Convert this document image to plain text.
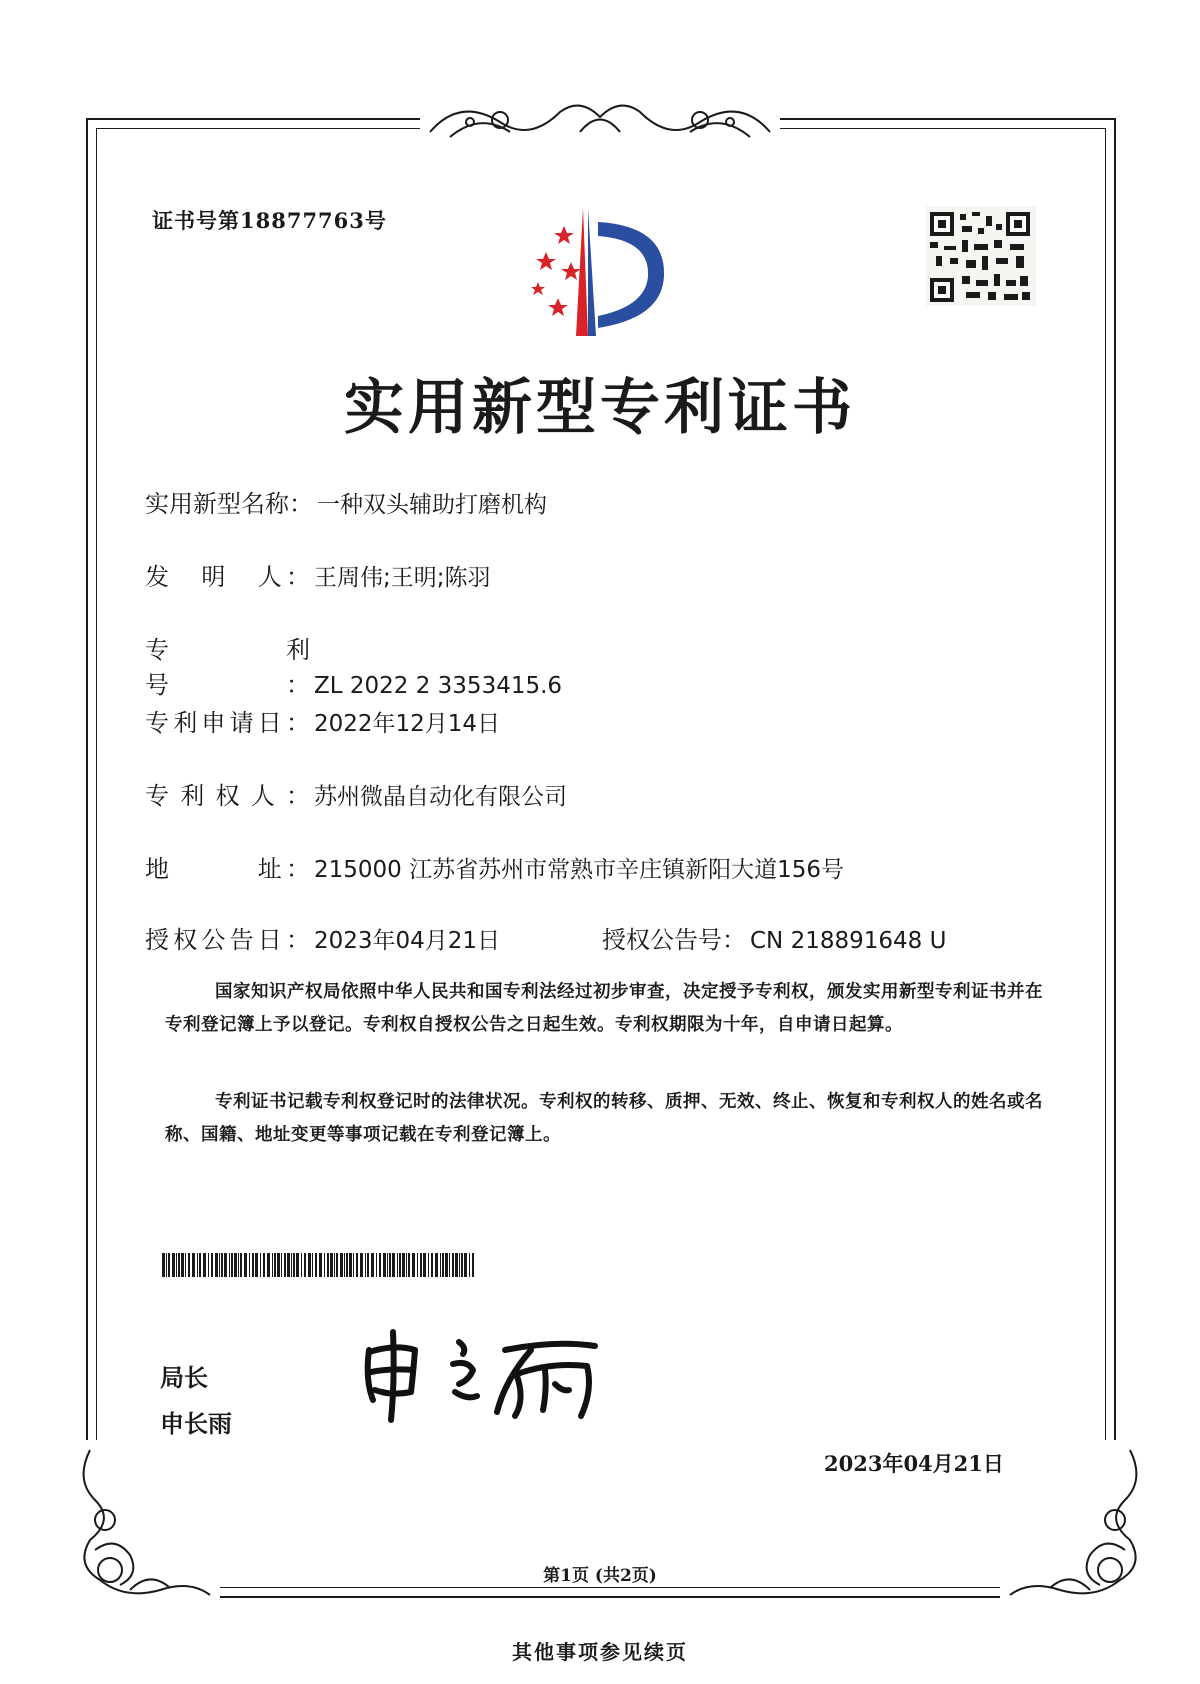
证书号第18877763号
实用新型专利证书
实用新型名称： 一种双头辅助打磨机构
发　明　人： 王周伟;王明;陈羽
专　　利　号： ZL 2022 2 3353415.6
专利申请日： 2022年12月14日
专利权人： 苏州微晶自动化有限公司
地　　　址： 215000 江苏省苏州市常熟市辛庄镇新阳大道156号
授权公告日： 2023年04月21日	授权公告号： CN 218891648 U
国家知识产权局依照中华人民共和国专利法经过初步审查，决定授予专利权，颁发实用新型专利证书并在专利登记簿上予以登记。专利权自授权公告之日起生效。专利权期限为十年，自申请日起算。
专利证书记载专利权登记时的法律状况。专利权的转移、质押、无效、终止、恢复和专利权人的姓名或名称、国籍、地址变更等事项记载在专利登记簿上。
局长
申长雨
2023年04月21日
第1页 (共2页)
其他事项参见续页
